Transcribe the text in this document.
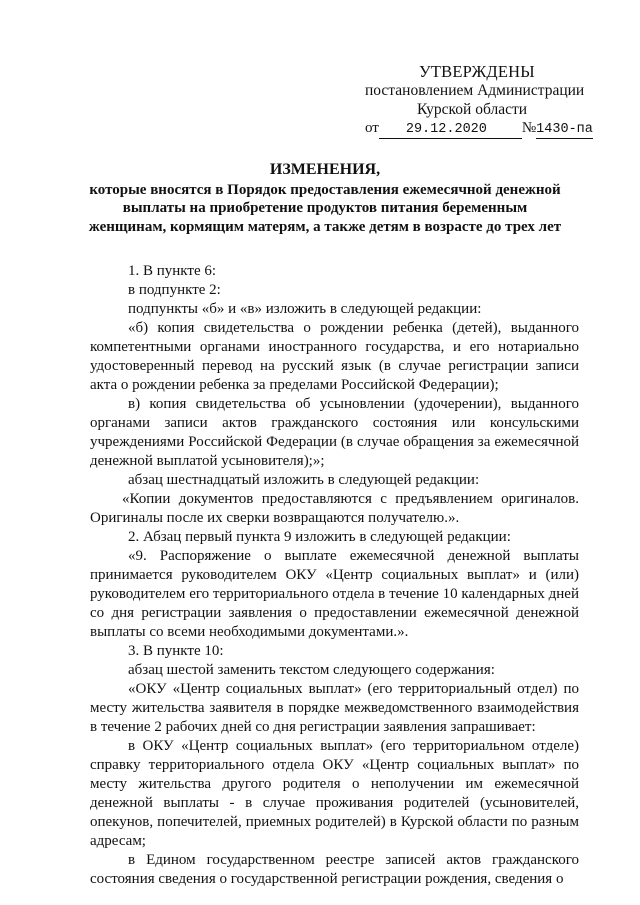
УТВЕРЖДЕНЫ
постановлением Администрации
Курской области
от 29.12.2020 №1430-па
ИЗМЕНЕНИЯ,
которые вносятся в Порядок предоставления ежемесячной денежной
выплаты на приобретение продуктов питания беременным
женщинам, кормящим матерям, а также детям в возрасте до трех лет

1. В пункте 6:

в подпункте 2:

подпункты «б» и «в» изложить в следующей редакции:

«б) копия свидетельства о рождении ребенка (детей), выданного компетентными органами иностранного государства, и его нотариально удостоверенный перевод на русский язык (в случае регистрации записи акта о рождении ребенка за пределами Российской Федерации);

в) копия свидетельства об усыновлении (удочерении), выданного органами записи актов гражданского состояния или консульскими учреждениями Российской Федерации (в случае обращения за ежемесячной денежной выплатой усыновителя);»;

абзац шестнадцатый изложить в следующей редакции:

«Копии документов предоставляются с предъявлением оригиналов. Оригиналы после их сверки возвращаются получателю.».

2. Абзац первый пункта 9 изложить в следующей редакции:

«9. Распоряжение о выплате ежемесячной денежной выплаты принимается руководителем ОКУ «Центр социальных выплат» и (или) руководителем его территориального отдела в течение 10 календарных дней со дня регистрации заявления о предоставлении ежемесячной денежной выплаты со всеми необходимыми документами.».

3. В пункте 10:

абзац шестой заменить текстом следующего содержания:

«ОКУ «Центр социальных выплат» (его территориальный отдел) по месту жительства заявителя в порядке межведомственного взаимодействия в течение 2 рабочих дней со дня регистрации заявления запрашивает:

в ОКУ «Центр социальных выплат» (его территориальном отделе) справку территориального отдела ОКУ «Центр социальных выплат» по месту жительства другого родителя о неполучении им ежемесячной денежной выплаты - в случае проживания родителей (усыновителей, опекунов, попечителей, приемных родителей) в Курской области по разным адресам;

в Едином государственном реестре записей актов гражданского состояния сведения о государственной регистрации рождения, сведения о
